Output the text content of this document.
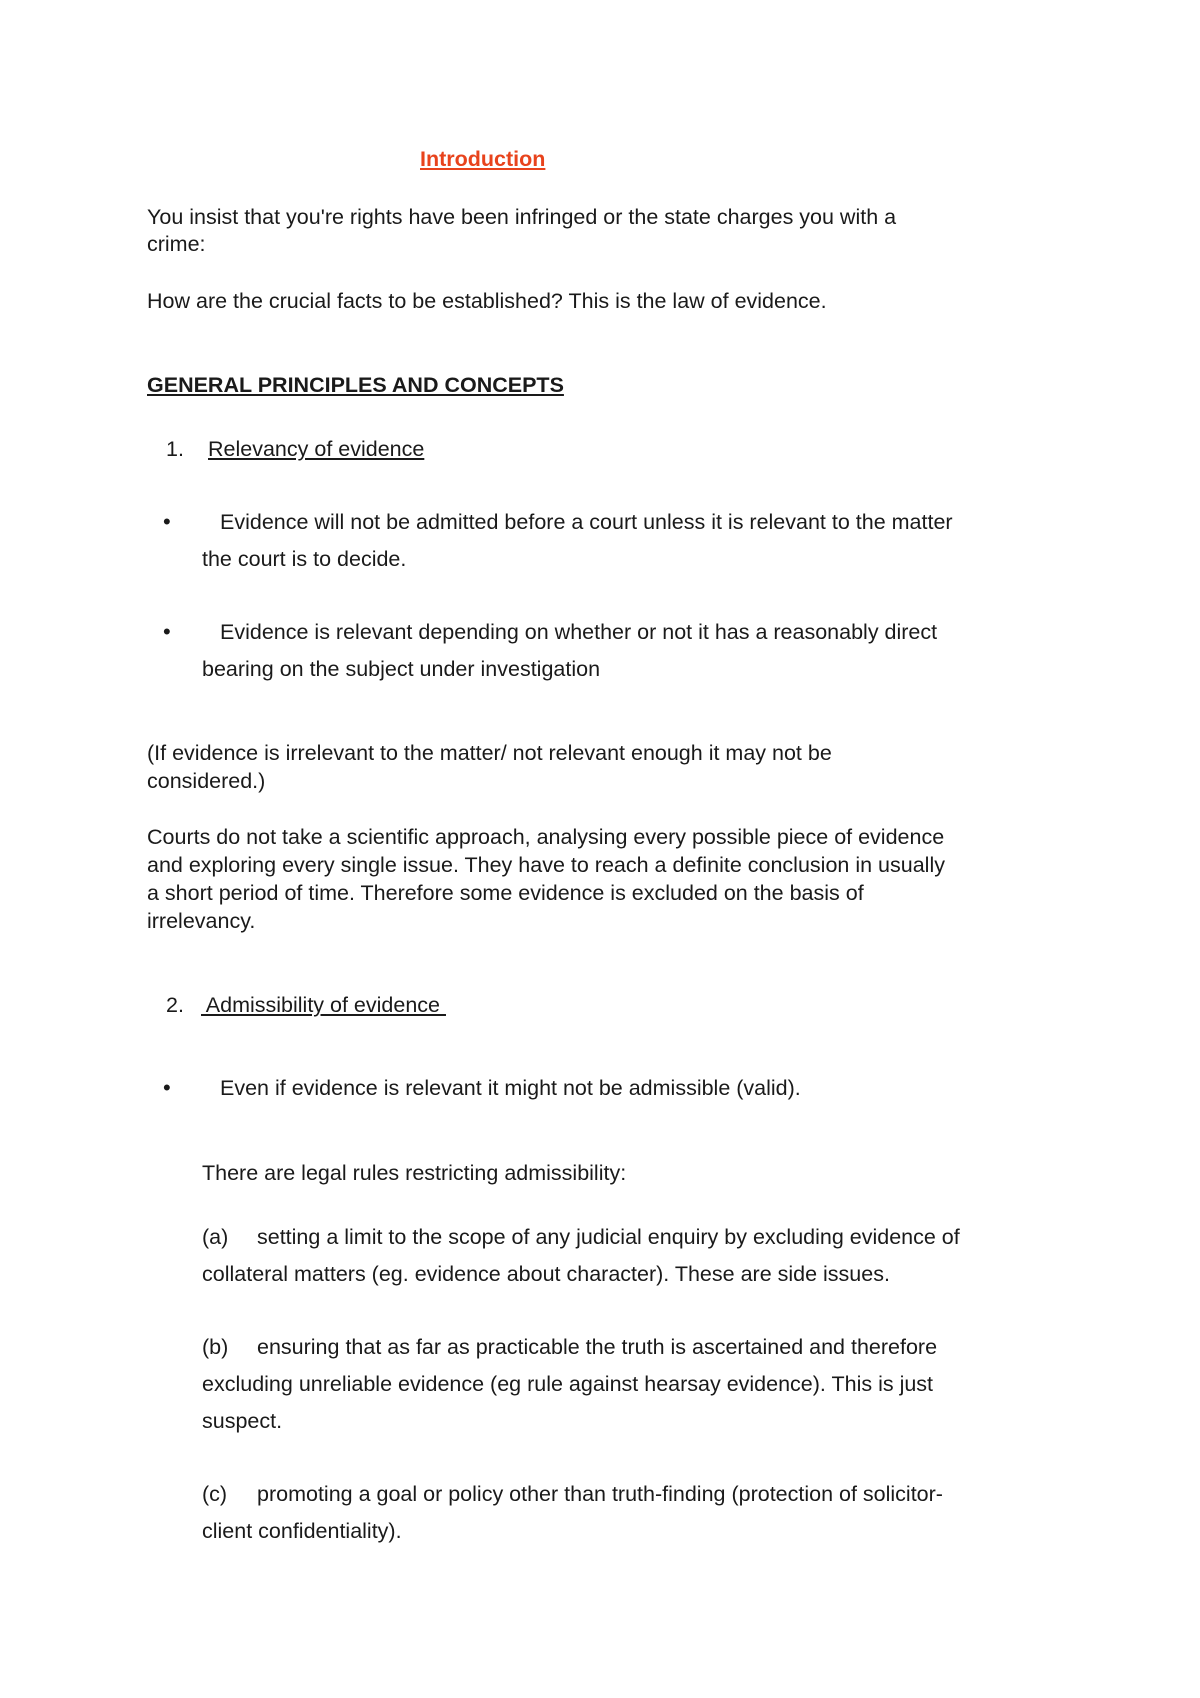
Introduction
You insist that you're rights have been infringed or the state charges you with a
crime:
How are the crucial facts to be established? This is the law of evidence.
GENERAL PRINCIPLES AND CONCEPTS
1. Relevancy of evidence
• Evidence will not be admitted before a court unless it is relevant to the matter
the court is to decide.
• Evidence is relevant depending on whether or not it has a reasonably direct
bearing on the subject under investigation
(If evidence is irrelevant to the matter/ not relevant enough it may not be
considered.)
Courts do not take a scientific approach, analysing every possible piece of evidence
and exploring every single issue. They have to reach a definite conclusion in usually
a short period of time. Therefore some evidence is excluded on the basis of
irrelevancy.
2. Admissibility of evidence
• Even if evidence is relevant it might not be admissible (valid).
There are legal rules restricting admissibility:
(a) setting a limit to the scope of any judicial enquiry by excluding evidence of
collateral matters (eg. evidence about character). These are side issues.
(b) ensuring that as far as practicable the truth is ascertained and therefore
excluding unreliable evidence (eg rule against hearsay evidence). This is just
suspect.
(c) promoting a goal or policy other than truth-finding (protection of solicitor-
client confidentiality).
